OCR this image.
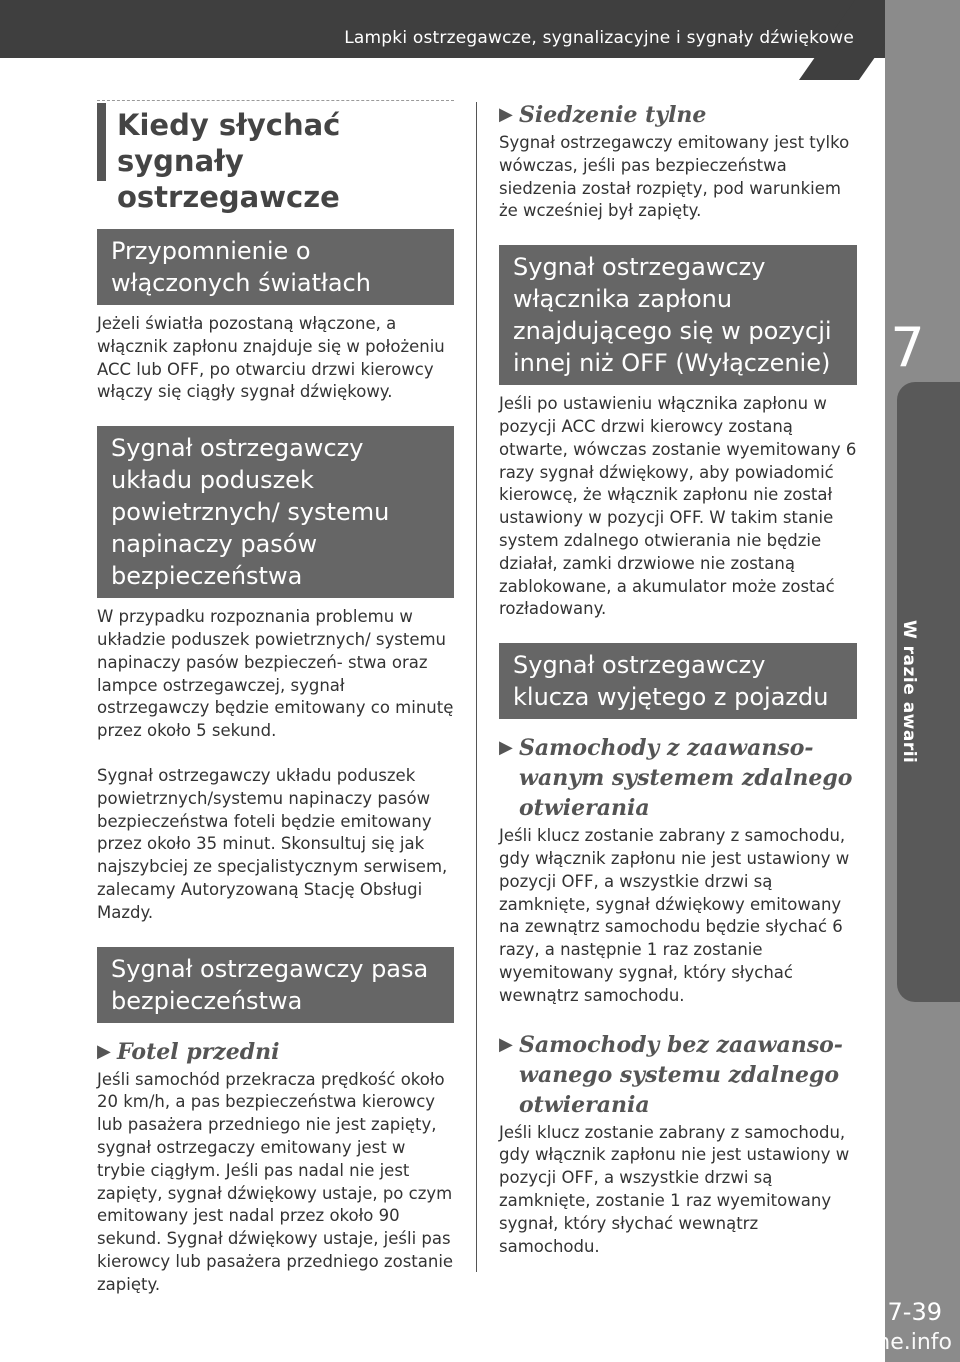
Lampki ostrzegawcze, sygnalizacyjne i sygnały dźwiękowe
7
W razie awarii
7-39
carmanualsonline.info
Kiedy słychać sygnały ostrzegawcze
Przypomnienie o włączonych światłach

Jeżeli światła pozostaną włączone, a włącznik zapłonu znajduje się w położeniu ACC lub OFF, po otwarciu drzwi kierowcy włączy się ciągły sygnał dźwiękowy.

Sygnał ostrzegawczy układu poduszek powietrznych/ systemu napinaczy pasów bezpieczeństwa

W przypadku rozpoznania problemu w układzie poduszek powietrznych/ systemu napinaczy pasów bezpieczeń- stwa oraz lampce ostrzegawczej, sygnał ostrzegawczy będzie emitowany co minutę przez około 5 sekund.

Sygnał ostrzegawczy układu poduszek powietrznych/systemu napinaczy pasów bezpieczeństwa foteli będzie emitowany przez około 35 minut. Skonsultuj się jak najszybciej ze specjalistycznym serwisem, zalecamy Autoryzowaną Stację Obsługi Mazdy.

Sygnał ostrzegawczy pasa bezpieczeństwa
▶ Fotel przedni

Jeśli samochód przekracza prędkość około 20 km/h, a pas bezpieczeństwa kierowcy lub pasażera przedniego nie jest zapięty, sygnał ostrzegaczy emitowany jest w trybie ciągłym. Jeśli pas nadal nie jest zapięty, sygnał dźwiękowy ustaje, po czym emitowany jest nadal przez około 90 sekund. Sygnał dźwiękowy ustaje, jeśli pas kierowcy lub pasażera przedniego zostanie zapięty.

▶ Siedzenie tylne

Sygnał ostrzegawczy emitowany jest tylko wówczas, jeśli pas bezpieczeństwa siedzenia został rozpięty, pod warunkiem że wcześniej był zapięty.

Sygnał ostrzegawczy włącznika zapłonu znajdującego się w pozycji innej niż OFF (Wyłączenie)

Jeśli po ustawieniu włącznika zapłonu w pozycji ACC drzwi kierowcy zostaną otwarte, wówczas zostanie wyemitowany 6 razy sygnał dźwiękowy, aby powiadomić kierowcę, że włącznik zapłonu nie został ustawiony w pozycji OFF. W takim stanie system zdalnego otwierania nie będzie działał, zamki drzwiowe nie zostaną zablokowane, a akumulator może zostać rozładowany.

Sygnał ostrzegawczy klucza wyjętego z pojazdu
▶ Samochody z zaawanso- wanym systemem zdalnego otwierania

Jeśli klucz zostanie zabrany z samochodu, gdy włącznik zapłonu nie jest ustawiony w pozycji OFF, a wszystkie drzwi są zamknięte, sygnał dźwiękowy emitowany na zewnątrz samochodu będzie słychać 6 razy, a następnie 1 raz zostanie wyemitowany sygnał, który słychać wewnątrz samochodu.

▶ Samochody bez zaawanso- wanego systemu zdalnego otwierania

Jeśli klucz zostanie zabrany z samochodu, gdy włącznik zapłonu nie jest ustawiony w pozycji OFF, a wszystkie drzwi są zamknięte, zostanie 1 raz wyemitowany sygnał, który słychać wewnątrz samochodu.
